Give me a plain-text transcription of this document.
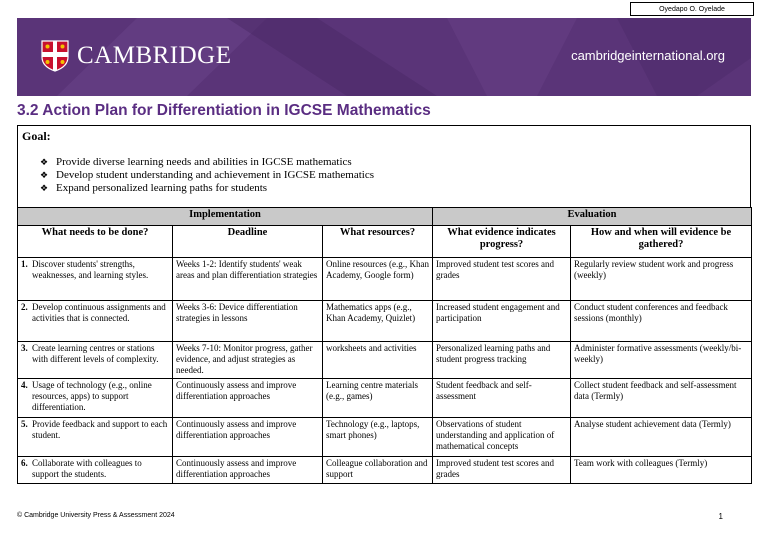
Oyedapo O. Oyelade
CAMBRIDGE	cambridgeinternational.org
3.2 Action Plan for Differentiation in IGCSE Mathematics
Goal:
❖ Provide diverse learning needs and abilities in IGCSE mathematics
❖ Develop student understanding and achievement in IGCSE mathematics
❖ Expand personalized learning paths for students
Implementation			Evaluation	
What needs to be done?	Deadline	What resources?	What evidence indicates progress?	How and when will evidence be gathered?

1. Discover students' strengths, weaknesses, and learning styles.	Weeks 1-2: Identify students' weak areas and plan differentiation strategies	Online resources (e.g., Khan Academy, Google form)	Improved student test scores and grades	Regularly review student work and progress (weekly)

2. Develop continuous assignments and activities that is connected.	Weeks 3-6: Device differentiation strategies in lessons	Mathematics apps (e.g., Khan Academy, Quizlet)	Increased student engagement and participation	Conduct student conferences and feedback sessions (monthly)

3. Create learning centres or stations with different levels of complexity.	Weeks 7-10: Monitor progress, gather evidence, and adjust strategies as needed.	worksheets and activities	Personalized learning paths and student progress tracking	Administer formative assessments (weekly/bi-weekly)

4. Usage of technology (e.g., online resources, apps) to support differentiation.	Continuously assess and improve differentiation approaches	Learning centre materials (e.g., games)	Student feedback and self-assessment	Collect student feedback and self-assessment data (Termly)

5. Provide feedback and support to each student.	Continuously assess and improve differentiation approaches	Technology (e.g., laptops, smart phones)	Observations of student understanding and application of mathematical concepts	Analyse student achievement data (Termly)

6. Collaborate with colleagues to support the students.	Continuously assess and improve differentiation approaches	Colleague collaboration and support	Improved student test scores and grades	Team work with colleagues (Termly)
© Cambridge University Press & Assessment 2024	1
